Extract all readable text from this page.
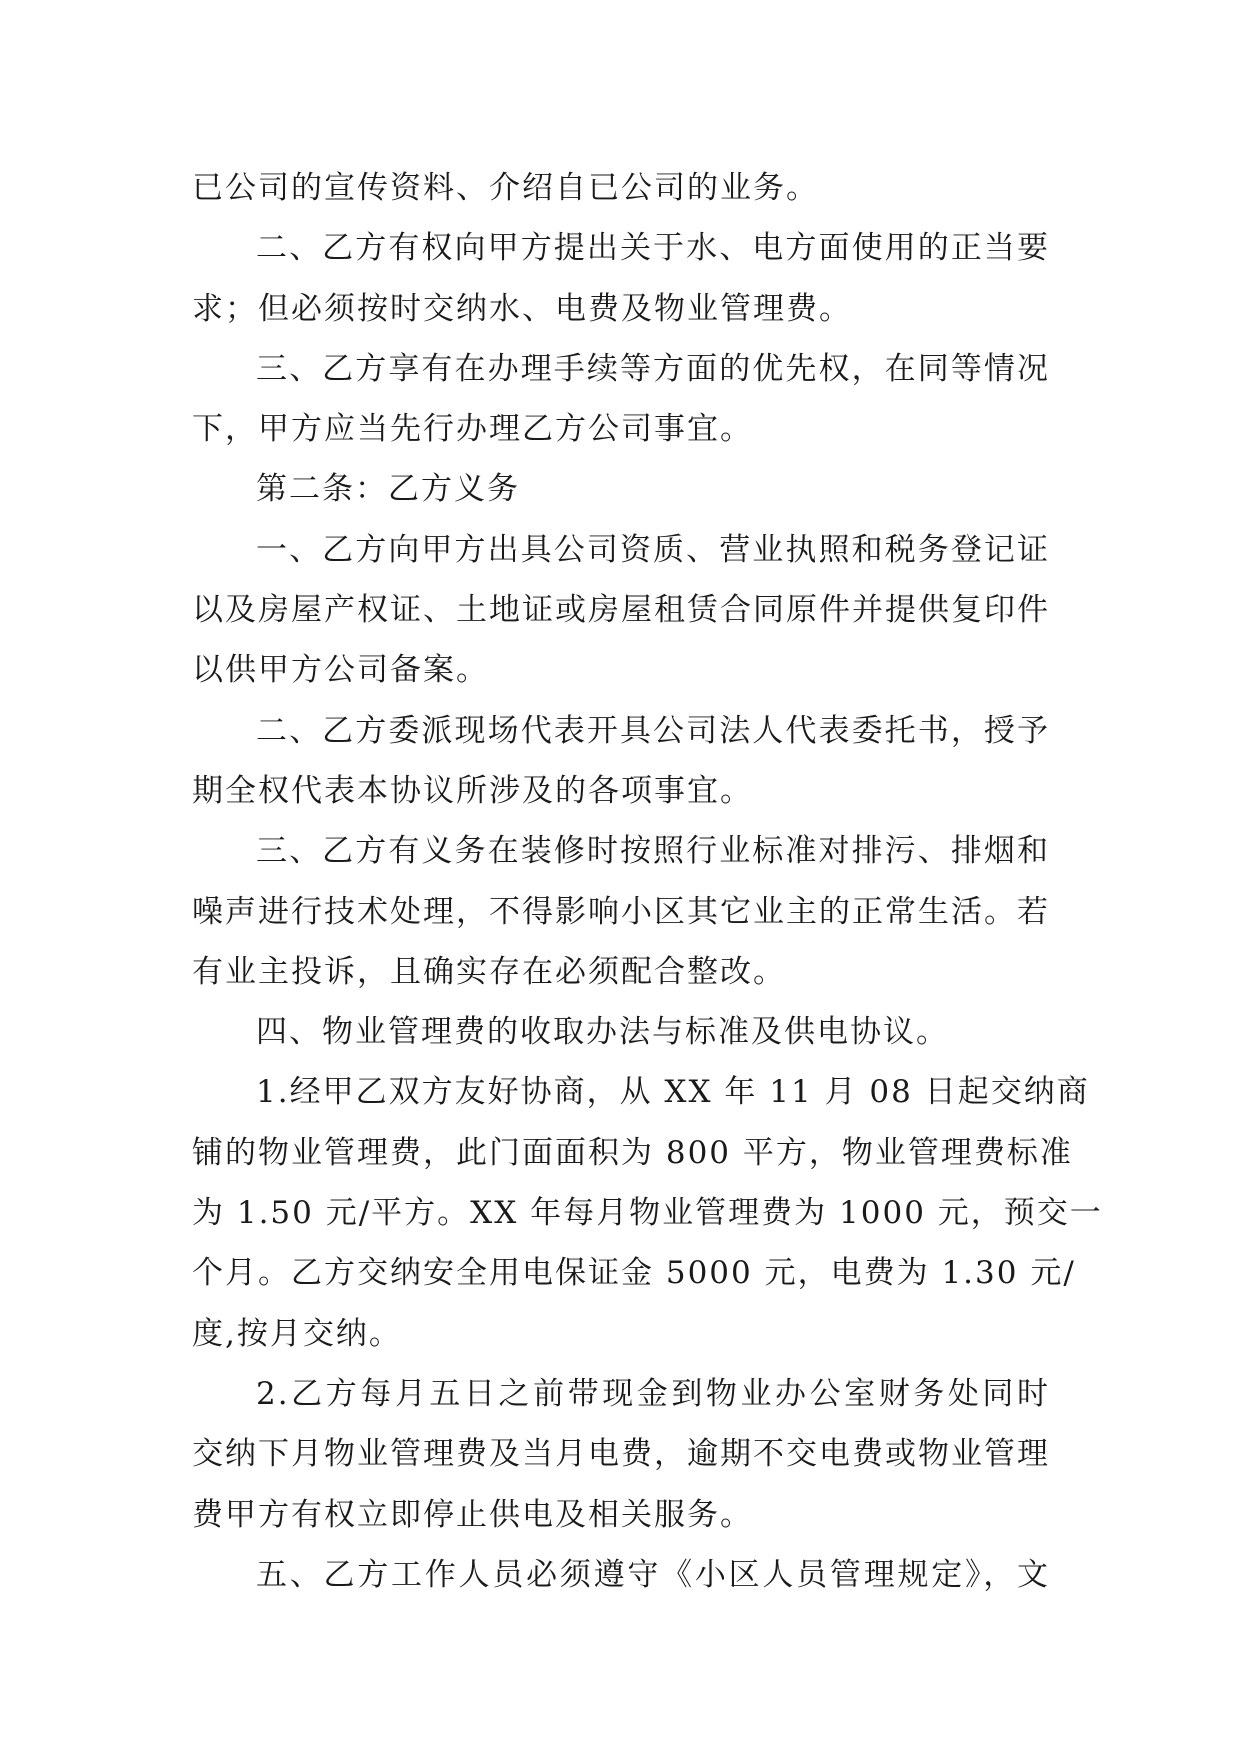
已公司的宣传资料、介绍自已公司的业务。
二、乙方有权向甲方提出关于水、电方面使用的正当要
求；但必须按时交纳水、电费及物业管理费。
三、乙方享有在办理手续等方面的优先权，在同等情况
下，甲方应当先行办理乙方公司事宜。
第二条：乙方义务
一、乙方向甲方出具公司资质、营业执照和税务登记证
以及房屋产权证、土地证或房屋租赁合同原件并提供复印件
以供甲方公司备案。
二、乙方委派现场代表开具公司法人代表委托书，授予
期全权代表本协议所涉及的各项事宜。
三、乙方有义务在装修时按照行业标准对排污、排烟和
噪声进行技术处理，不得影响小区其它业主的正常生活。若
有业主投诉，且确实存在必须配合整改。
四、物业管理费的收取办法与标准及供电协议。
1.经甲乙双方友好协商，从 XX 年 11 月 08 日起交纳商
铺的物业管理费，此门面面积为 800 平方，物业管理费标准
为 1.50 元/平方。XX 年每月物业管理费为 1000 元，预交一
个月。乙方交纳安全用电保证金 5000 元，电费为 1.30 元/
度,按月交纳。
2.乙方每月五日之前带现金到物业办公室财务处同时
交纳下月物业管理费及当月电费，逾期不交电费或物业管理
费甲方有权立即停止供电及相关服务。
五、乙方工作人员必须遵守《小区人员管理规定》，文
